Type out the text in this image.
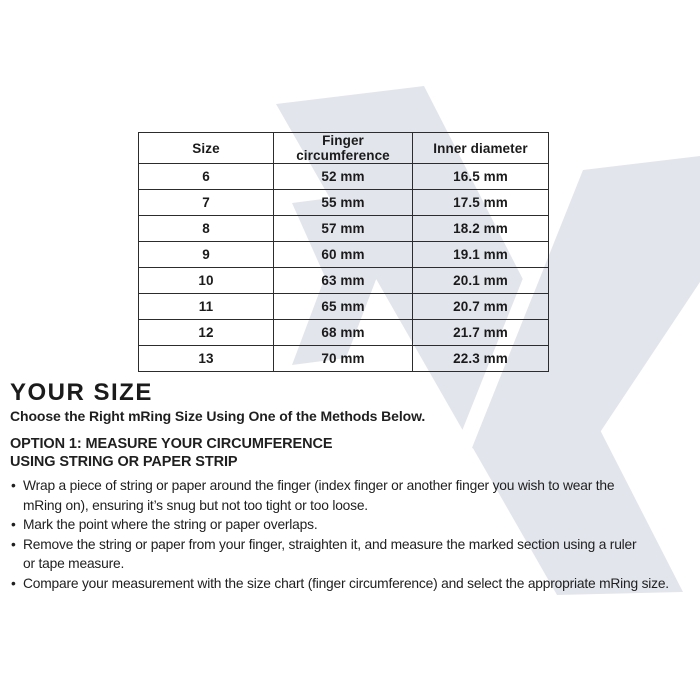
Size	Finger circumference	Inner diameter
6	52 mm	16.5 mm
7	55 mm	17.5 mm
8	57 mm	18.2 mm
9	60 mm	19.1 mm
10	63 mm	20.1 mm
11	65 mm	20.7 mm
12	68 mm	21.7 mm
13	70 mm	22.3 mm
YOUR SIZE

Choose the Right mRing Size Using One of the Methods Below.

OPTION 1: MEASURE YOUR CIRCUMFERENCE
USING STRING OR PAPER STRIP
• Wrap a piece of string or paper around the finger (index finger or another finger you wish to wear the
mRing on), ensuring it’s snug but not too tight or too loose.
• Mark the point where the string or paper overlaps.
• Remove the string or paper from your finger, straighten it, and measure the marked section using a ruler
or tape measure.
• Compare your measurement with the size chart (finger circumference) and select the appropriate mRing size.
